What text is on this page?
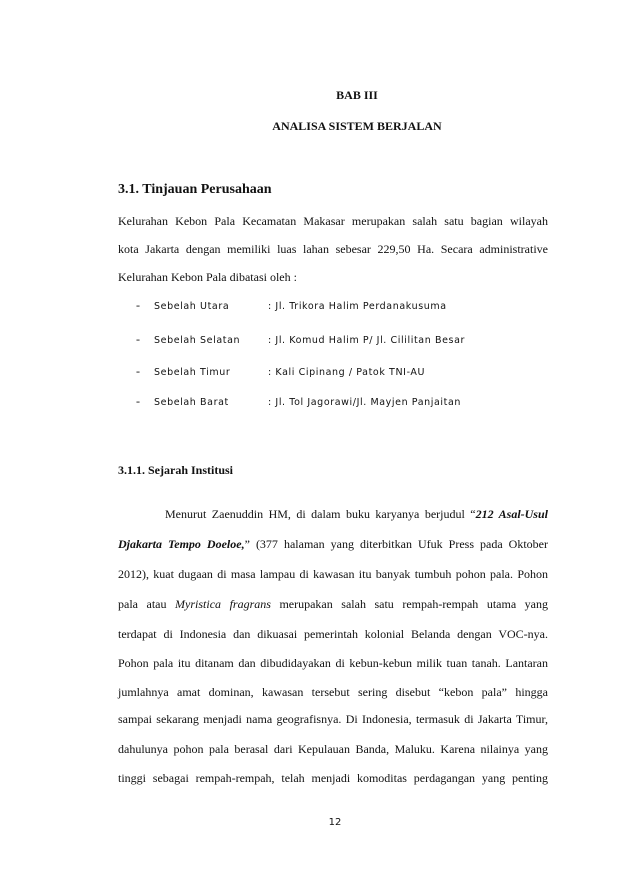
BAB III
ANALISA SISTEM BERJALAN
3.1. Tinjauan Perusahaan
Kelurahan Kebon Pala Kecamatan Makasar merupakan salah satu bagian wilayah
kota Jakarta dengan memiliki luas lahan sebesar 229,50 Ha. Secara administrative
Kelurahan Kebon Pala dibatasi oleh :
- Sebelah Utara	: Jl. Trikora Halim Perdanakusuma
- Sebelah Selatan	: Jl. Komud Halim P/ Jl. Cililitan Besar
- Sebelah Timur	: Kali Cipinang / Patok TNI-AU
- Sebelah Barat	: Jl. Tol Jagorawi/Jl. Mayjen Panjaitan
3.1.1. Sejarah Institusi
Menurut Zaenuddin HM, di dalam buku karyanya berjudul “212 Asal-Usul
Djakarta Tempo Doeloe,” (377 halaman yang diterbitkan Ufuk Press pada Oktober
2012), kuat dugaan di masa lampau di kawasan itu banyak tumbuh pohon pala. Pohon
pala atau Myristica fragrans merupakan salah satu rempah-rempah utama yang
terdapat di Indonesia dan dikuasai pemerintah kolonial Belanda dengan VOC-nya.
Pohon pala itu ditanam dan dibudidayakan di kebun-kebun milik tuan tanah. Lantaran
jumlahnya amat dominan, kawasan tersebut sering disebut “kebon pala” hingga
sampai sekarang menjadi nama geografisnya. Di Indonesia, termasuk di Jakarta Timur,
dahulunya pohon pala berasal dari Kepulauan Banda, Maluku. Karena nilainya yang
tinggi sebagai rempah-rempah, telah menjadi komoditas perdagangan yang penting
12
